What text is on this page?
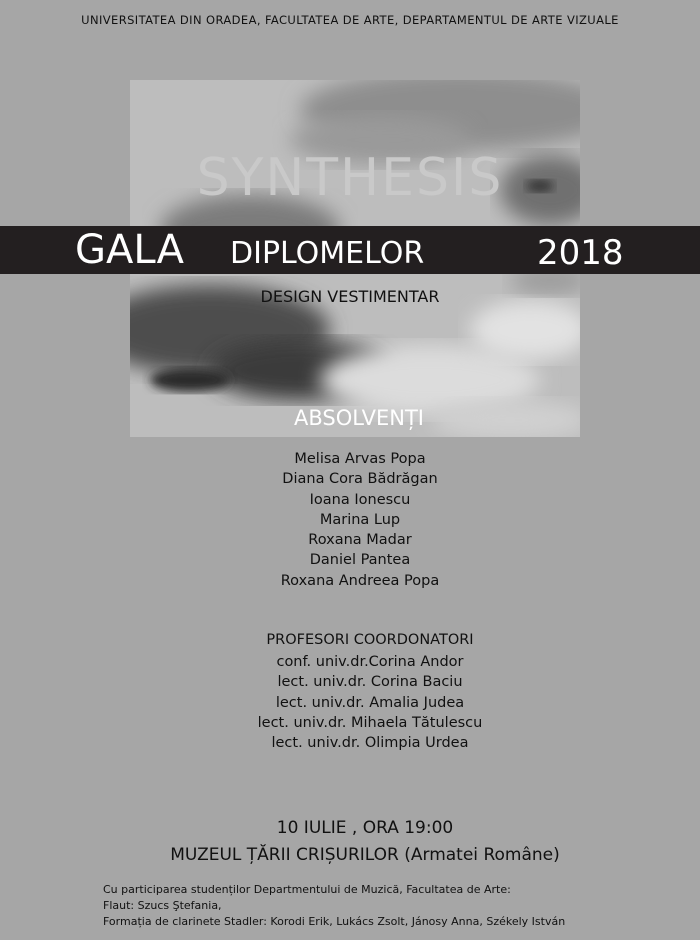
UNIVERSITATEA DIN ORADEA, FACULTATEA DE ARTE, DEPARTAMENTUL DE ARTE VIZUALE
SYNTHESIS
GALA DIPLOMELOR	2018
DESIGN VESTIMENTAR
ABSOLVENȚI
Melisa Arvas Popa
Diana Cora Bădrăgan
Ioana Ionescu
Marina Lup
Roxana Madar
Daniel Pantea
Roxana Andreea Popa
PROFESORI COORDONATORI
conf. univ.dr.Corina Andor
lect. univ.dr. Corina Baciu
lect. univ.dr. Amalia Judea
lect. univ.dr. Mihaela Tătulescu
lect. univ.dr. Olimpia Urdea
10 IULIE , ORA 19:00
MUZEUL ȚĂRII CRIȘURILOR (Armatei Române)
Cu participarea studenților Departmentului de Muzică, Facultatea de Arte:
Flaut: Szucs Ştefania,
Formația de clarinete Stadler: Korodi Erik, Lukács Zsolt, Jánosy Anna, Székely István
